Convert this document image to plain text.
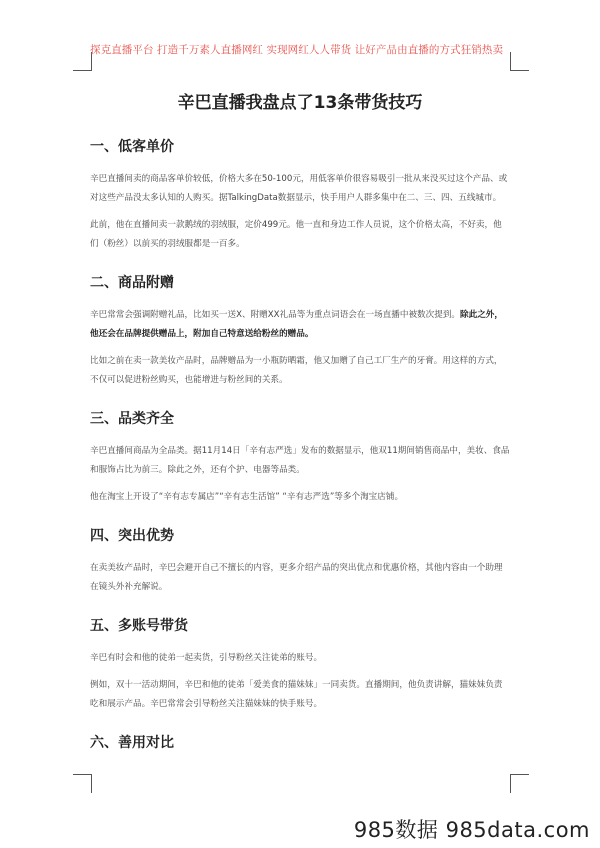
探克直播平台 打造千万素人直播网红 实现网红人人带货 让好产品由直播的方式狂销热卖
辛巴直播我盘点了13条带货技巧
一、低客单价

辛巴直播间卖的商品客单价较低，价格大多在50-100元，用低客单价很容易吸引一批从来没买过这个产品、或对这些产品没太多认知的人购买。据TalkingData数据显示，快手用户人群多集中在二、三、四、五线城市。

此前，他在直播间卖一款鹅绒的羽绒服，定价499元。他一直和身边工作人员说，这个价格太高，不好卖，他们（粉丝）以前买的羽绒服都是一百多。

二、商品附赠

辛巴常常会强调附赠礼品，比如买一送X、附赠XX礼品等为重点词语会在一场直播中被数次提到。除此之外，他还会在品牌提供赠品上，附加自己特意送给粉丝的赠品。

比如之前在卖一款美妆产品时，品牌赠品为一小瓶防晒霜，他又加赠了自己工厂生产的牙膏。用这样的方式，不仅可以促进粉丝购买，也能增进与粉丝间的关系。

三、品类齐全

辛巴直播间商品为全品类。据11月14日「辛有志严选」发布的数据显示，他双11期间销售商品中，美妆、食品和服饰占比为前三。除此之外，还有个护、电器等品类。

他在淘宝上开设了“辛有志专属店”“辛有志生活馆” “辛有志严选”等多个淘宝店铺。

四、突出优势

在卖美妆产品时，辛巴会避开自己不擅长的内容，更多介绍产品的突出优点和优惠价格，其他内容由一个助理在镜头外补充解说。

五、多账号带货

辛巴有时会和他的徒弟一起卖货，引导粉丝关注徒弟的账号。

例如，双十一活动期间，辛巴和他的徒弟「爱美食的猫妹妹」一同卖货。直播期间，他负责讲解，猫妹妹负责吃和展示产品。辛巴常常会引导粉丝关注猫妹妹的快手账号。

六、善用对比
985数据 985data.com
